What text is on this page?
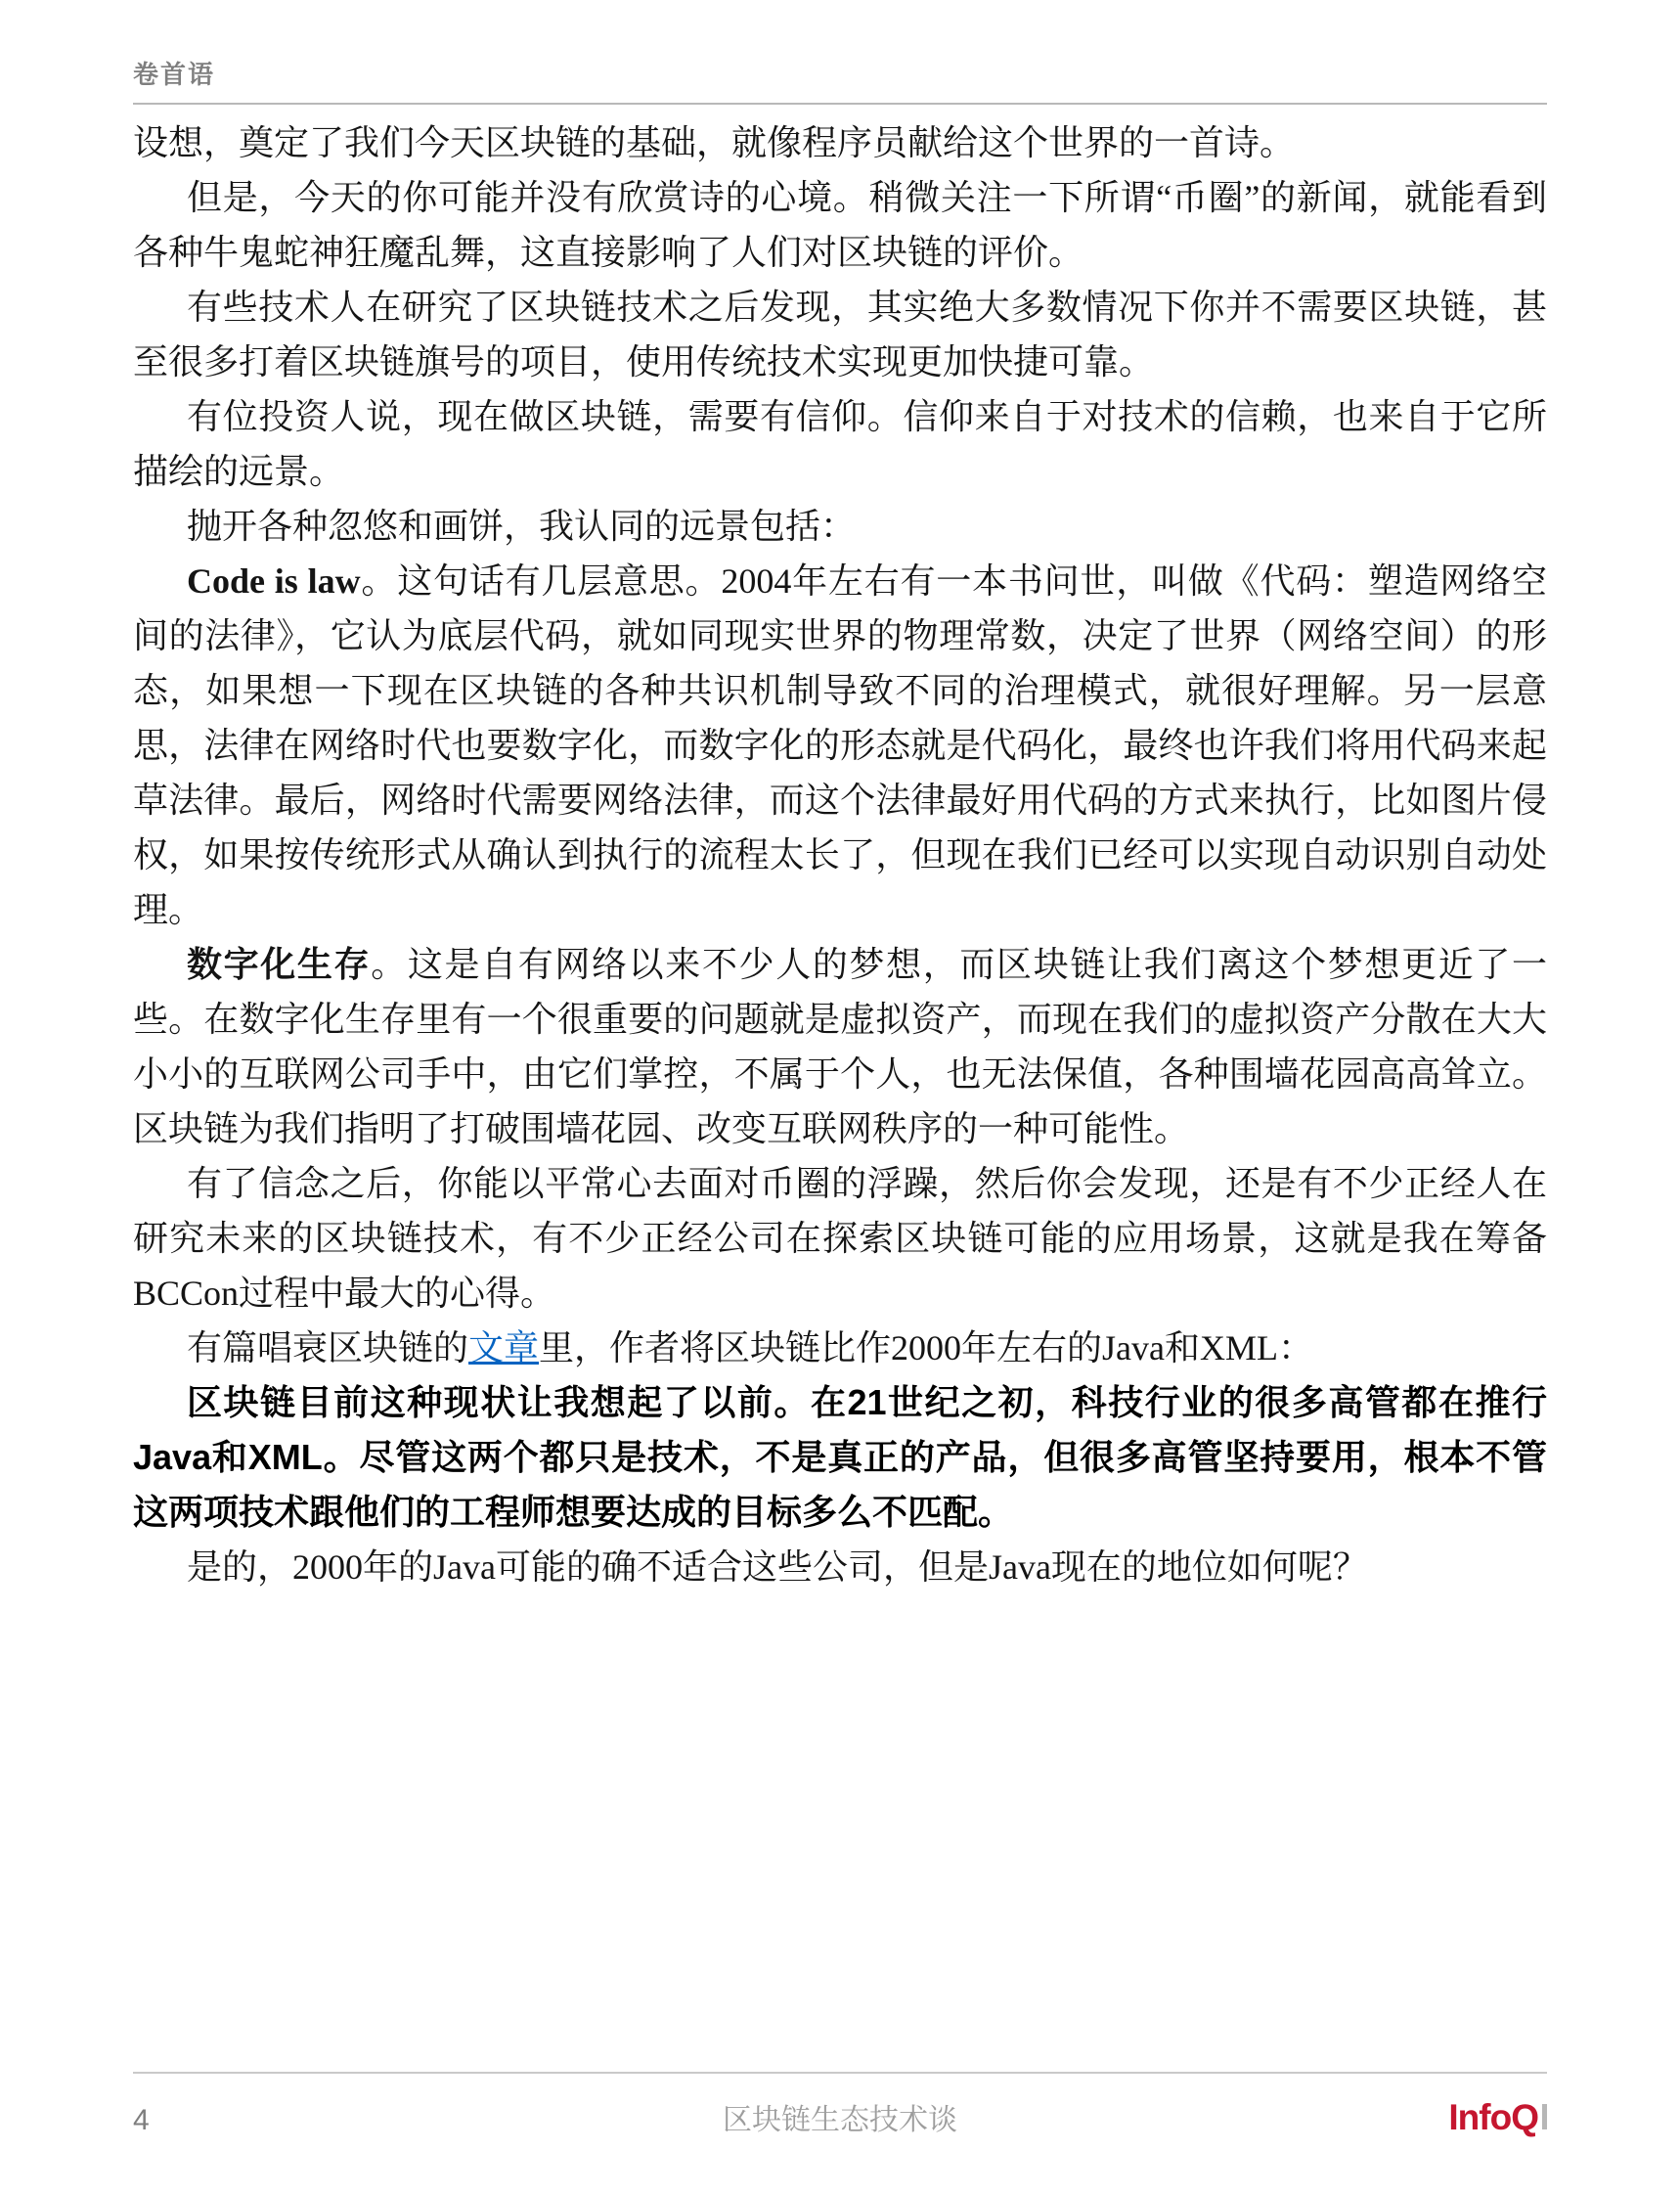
卷首语

设想，奠定了我们今天区块链的基础，就像程序员献给这个世界的一首诗。

但是，今天的你可能并没有欣赏诗的心境。稍微关注一下所谓“币圈”的新闻，就能看到各种牛鬼蛇神狂魔乱舞，这直接影响了人们对区块链的评价。

有些技术人在研究了区块链技术之后发现，其实绝大多数情况下你并不需要区块链，甚至很多打着区块链旗号的项目，使用传统技术实现更加快捷可靠。

有位投资人说，现在做区块链，需要有信仰。信仰来自于对技术的信赖，也来自于它所描绘的远景。

抛开各种忽悠和画饼，我认同的远景包括：

Code is law。这句话有几层意思。2004年左右有一本书问世，叫做《代码：塑造网络空间的法律》，它认为底层代码，就如同现实世界的物理常数，决定了世界（网络空间）的形态，如果想一下现在区块链的各种共识机制导致不同的治理模式，就很好理解。另一层意思，法律在网络时代也要数字化，而数字化的形态就是代码化，最终也许我们将用代码来起草法律。最后，网络时代需要网络法律，而这个法律最好用代码的方式来执行，比如图片侵权，如果按传统形式从确认到执行的流程太长了，但现在我们已经可以实现自动识别自动处理。

数字化生存。这是自有网络以来不少人的梦想，而区块链让我们离这个梦想更近了一些。在数字化生存里有一个很重要的问题就是虚拟资产，而现在我们的虚拟资产分散在大大小小的互联网公司手中，由它们掌控，不属于个人，也无法保值，各种围墙花园高高耸立。区块链为我们指明了打破围墙花园、改变互联网秩序的一种可能性。

有了信念之后，你能以平常心去面对币圈的浮躁，然后你会发现，还是有不少正经人在研究未来的区块链技术，有不少正经公司在探索区块链可能的应用场景，这就是我在筹备BCCon过程中最大的心得。

有篇唱衰区块链的文章里，作者将区块链比作2000年左右的Java和XML：

区块链目前这种现状让我想起了以前。在21世纪之初，科技行业的很多高管都在推行Java和XML。尽管这两个都只是技术，不是真正的产品，但很多高管坚持要用，根本不管这两项技术跟他们的工程师想要达成的目标多么不匹配。

是的，2000年的Java可能的确不适合这些公司，但是Java现在的地位如何呢？

4	区块链生态技术谈	InfoQ
